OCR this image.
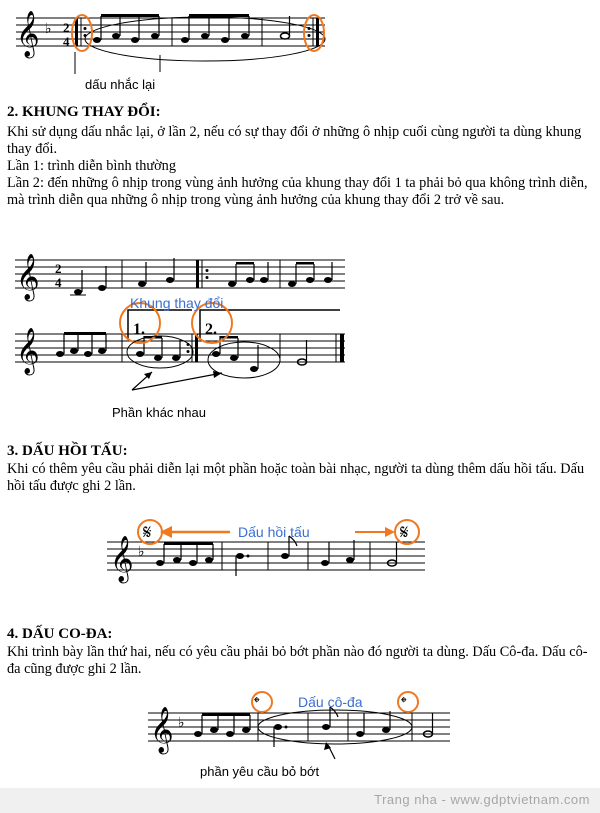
𝄞 ♭ 2
4
dấu nhắc lại
2. KHUNG THAY ĐỔI:

Khi sử dụng dấu nhắc lại, ở lần 2, nếu có sự thay đổi ở những ô nhịp cuối cùng người ta dùng khung thay đổi.

Lần 1: trình diễn bình thường

Lần 2: đến những ô nhịp trong vùng ảnh hưởng của khung thay đổi 1 ta phải bỏ qua không trình diễn, mà trình diễn qua những ô nhịp trong vùng ảnh hưởng của khung thay đổi 2 trở về sau.

𝄞 2
4
𝄞	1.	2.
Khung thay đổi
Phần khác nhau
3. DẤU HỒI TẤU:
Khi có thêm yêu cầu phải diễn lại một phần hoặc toàn bài nhạc, người ta dùng thêm dấu hồi tấu. Dấu hồi tấu được ghi 2 lần.
𝄞 ♭
𝄋	𝄋
Dấu hồi tấu
4. DẤU CO-ĐA:
Khi trình bày lần thứ hai, nếu có yêu cầu phải bỏ bớt phần nào đó người ta dùng. Dấu Cô-đa. Dấu cô-đa cũng được ghi 2 lần.
𝄞 ♭
𝄌	𝄌
Dấu cô-đa
phần yêu cầu bỏ bớt
Trang nha - www.gdptvietnam.com
